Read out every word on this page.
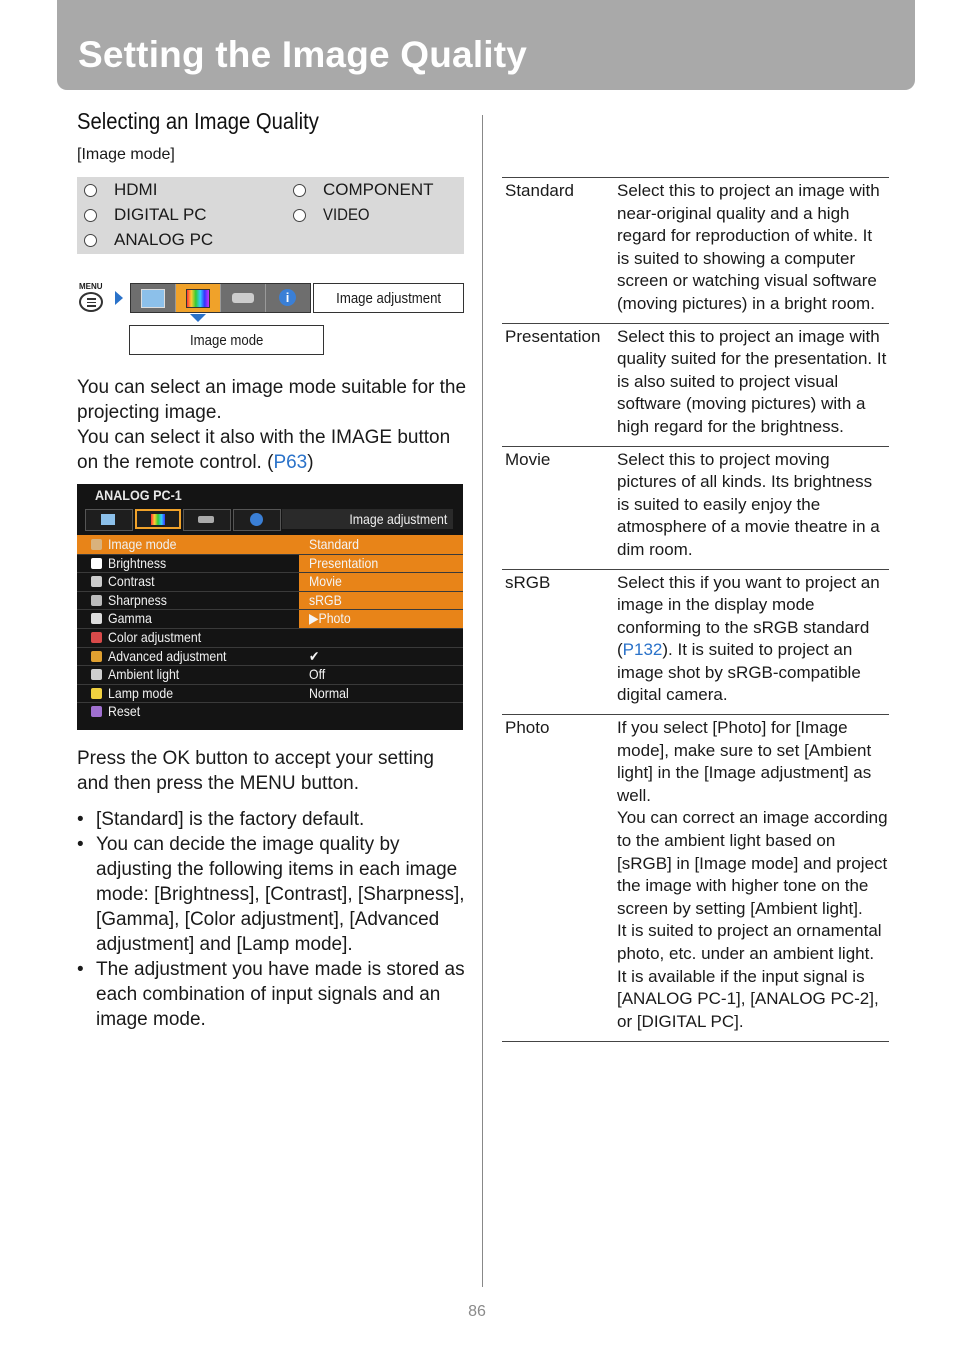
Setting the Image Quality
Selecting an Image Quality
[Image mode]
HDMI
DIGITAL PC
ANALOG PC
COMPONENT
VIDEO
MENU
i	Image adjustment
Image mode

You can select an image mode suitable for the projecting image.

You can select it also with the IMAGE button on the remote control. (P63)

ANALOG PC-1
Image adjustment
Image mode	Standard
Brightness	Presentation
Contrast	Movie
Sharpness	sRGB
Gamma	▶Photo
Color adjustment
Advanced adjustment	✔
Ambient light	Off
Lamp mode	Normal
Reset

Press the OK button to accept your setting and then press the MENU button.

• [Standard] is the factory default.
• You can decide the image quality by adjusting the following items in each image mode: [Brightness], [Contrast], [Sharpness], [Gamma], [Color adjustment], [Advanced adjustment] and [Lamp mode].
• The adjustment you have made is stored as each combination of input signals and an image mode.
Standard	Select this to project an image with near-original quality and a high regard for reproduction of white. It is suited to showing a computer screen or watching visual software (moving pictures) in a bright room.
Presentation Select this to project an image with quality suited for the presentation. It is also suited to project visual software (moving pictures) with a high regard for the brightness.
Movie	Select this to project moving pictures of all kinds. Its brightness is suited to easily enjoy the atmosphere of a movie theatre in a dim room.
sRGB	Select this if you want to project an image in the display mode conforming to the sRGB standard (P132). It is suited to project an image shot by sRGB-compatible digital camera.
Photo	If you select [Photo] for [Image mode], make sure to set [Ambient light] in the [Image adjustment] as well.
You can correct an image according to the ambient light based on [sRGB] in [Image mode] and project the image with higher tone on the screen by setting [Ambient light].
It is suited to project an ornamental photo, etc. under an ambient light.
It is available if the input signal is [ANALOG PC-1], [ANALOG PC-2], or [DIGITAL PC].
86
